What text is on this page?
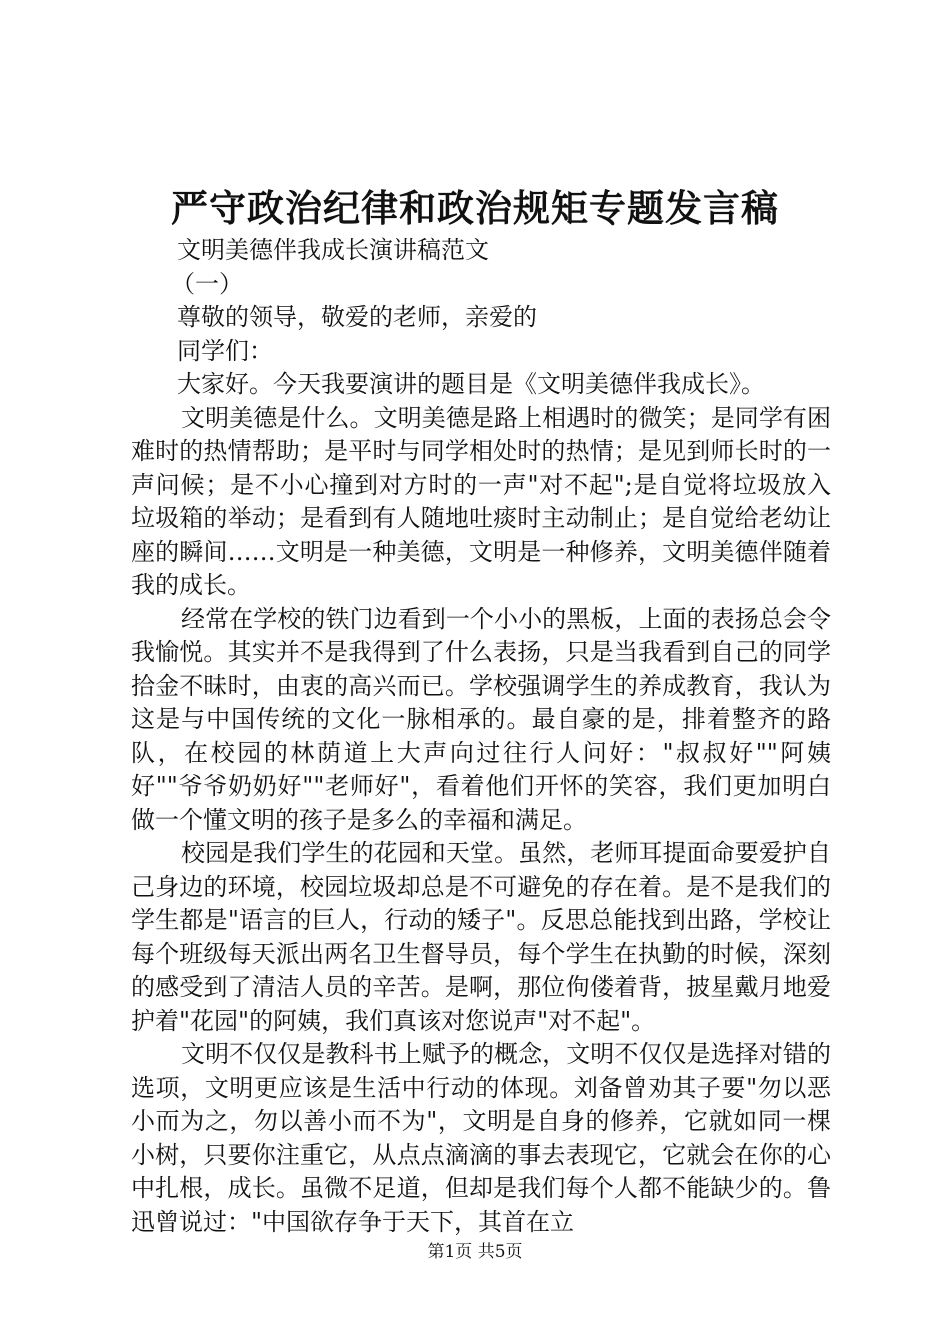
严守政治纪律和政治规矩专题发言稿

文明美德伴我成长演讲稿范文

（一）

尊敬的领导，敬爱的老师，亲爱的

同学们：

大家好。今天我要演讲的题目是《文明美德伴我成长》。

文明美德是什么。文明美德是路上相遇时的微笑；是同学有困难时的热情帮助；是平时与同学相处时的热情；是见到师长时的一声问候；是不小心撞到对方时的一声"对不起";是自觉将垃圾放入垃圾箱的举动；是看到有人随地吐痰时主动制止；是自觉给老幼让座的瞬间……文明是一种美德，文明是一种修养，文明美德伴随着我的成长。

经常在学校的铁门边看到一个小小的黑板，上面的表扬总会令我愉悦。其实并不是我得到了什么表扬，只是当我看到自己的同学拾金不昧时，由衷的高兴而已。学校强调学生的养成教育，我认为这是与中国传统的文化一脉相承的。最自豪的是，排着整齐的路队，在校园的林荫道上大声向过往行人问好："叔叔好""阿姨好""爷爷奶奶好""老师好"，看着他们开怀的笑容，我们更加明白做一个懂文明的孩子是多么的幸福和满足。

校园是我们学生的花园和天堂。虽然，老师耳提面命要爱护自己身边的环境，校园垃圾却总是不可避免的存在着。是不是我们的学生都是"语言的巨人，行动的矮子"。反思总能找到出路，学校让每个班级每天派出两名卫生督导员，每个学生在执勤的时候，深刻的感受到了清洁人员的辛苦。是啊，那位佝偻着背，披星戴月地爱护着"花园"的阿姨，我们真该对您说声"对不起"。

文明不仅仅是教科书上赋予的概念，文明不仅仅是选择对错的选项，文明更应该是生活中行动的体现。刘备曾劝其子要"勿以恶小而为之，勿以善小而不为"，文明是自身的修养，它就如同一棵小树，只要你注重它，从点点滴滴的事去表现它，它就会在你的心中扎根，成长。虽微不足道，但却是我们每个人都不能缺少的。鲁迅曾说过："中国欲存争于天下，其首在立

第1页 共5页
